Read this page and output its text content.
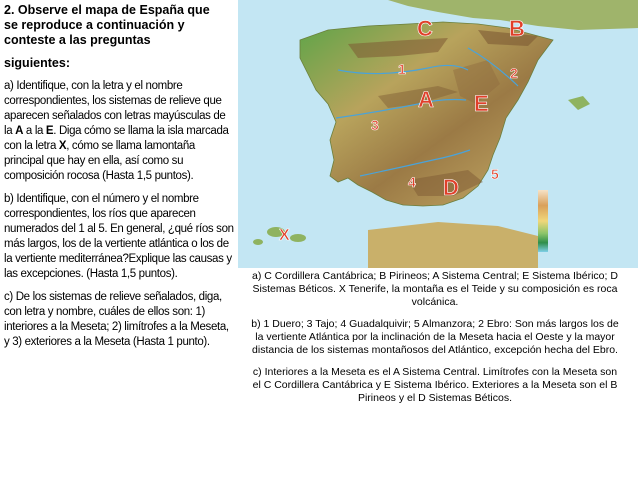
2. Observe el mapa de España que
se reproduce a continuación y
conteste a las preguntas

siguientes:

a) Identifique, con la letra y el nombre
correspondientes, los sistemas de relieve que
aparecen señalados con letras mayúsculas de
la A a la E. Diga cómo se llama la isla marcada
con la letra X, cómo se llama lamontaña
principal que hay en ella, así como su
composición rocosa (Hasta 1,5 puntos).

b) Identifique, con el número y el nombre
correspondientes, los ríos que aparecen
numerados del 1 al 5. En general, ¿qué ríos son
más largos, los de la vertiente atlántica o los de
la vertiente mediterránea?Explique las causas y
las excepciones. (Hasta 1,5 puntos).

c) De los sistemas de relieve señalados, diga,
con letra y nombre, cuáles de ellos son: 1)
interiores a la Meseta; 2) limítrofes a la Meseta,
y 3) exteriores a la Meseta (Hasta 1 punto).

C	B
A E
D
X
1	2
3
4	5

a) C Cordillera Cantábrica; B Pirineos; A Sistema Central; E Sistema Ibérico; D Sistemas Béticos. X Tenerife, la montaña es el Teide y su composición es roca volcánica.

b) 1 Duero; 3 Tajo; 4 Guadalquivir; 5 Almanzora; 2 Ebro: Son más largos los de la vertiente Atlántica por la inclinación de la Meseta hacia el Oeste y la mayor distancia de los sistemas montañosos del Atlántico, excepción hecha del Ebro.

c) Interiores a la Meseta es el A Sistema Central. Limítrofes con la Meseta son el C Cordillera Cantábrica y E Sistema Ibérico. Exteriores a la Meseta son el B Pirineos y el D Sistemas Béticos.
